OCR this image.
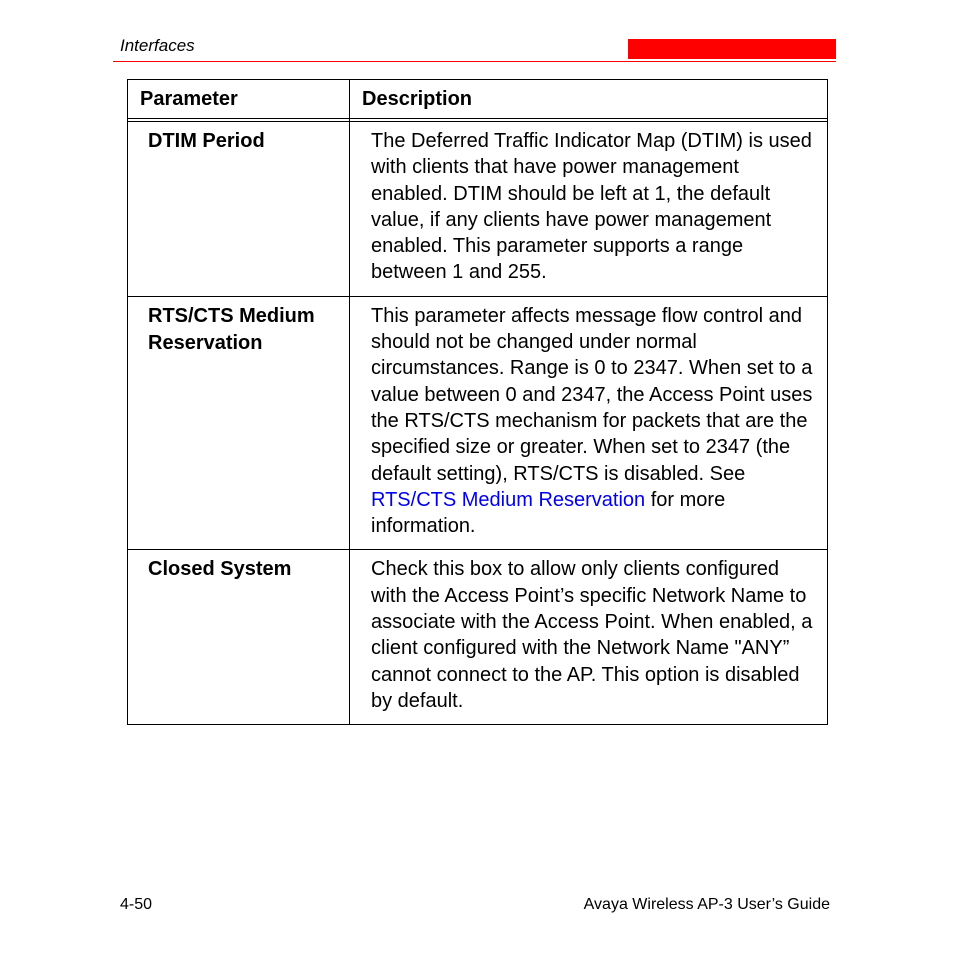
Interfaces
Parameter	Description

DTIM Period	The Deferred Traffic Indicator Map (DTIM) is used with clients that have power management enabled. DTIM should be left at 1, the default value, if any clients have power management enabled. This parameter supports a range between 1 and 255.
RTS/CTS Medium Reservation	This parameter affects message flow control and should not be changed under normal circumstances. Range is 0 to 2347. When set to a value between 0 and 2347, the Access Point uses the RTS/CTS mechanism for packets that are the specified size or greater. When set to 2347 (the default setting), RTS/CTS is disabled. See RTS/CTS Medium Reservation for more information.
Closed System	Check this box to allow only clients configured with the Access Point’s specific Network Name to associate with the Access Point. When enabled, a client configured with the Network Name "ANY” cannot connect to the AP. This option is disabled by default.
4-50	Avaya Wireless AP-3 User’s Guide
